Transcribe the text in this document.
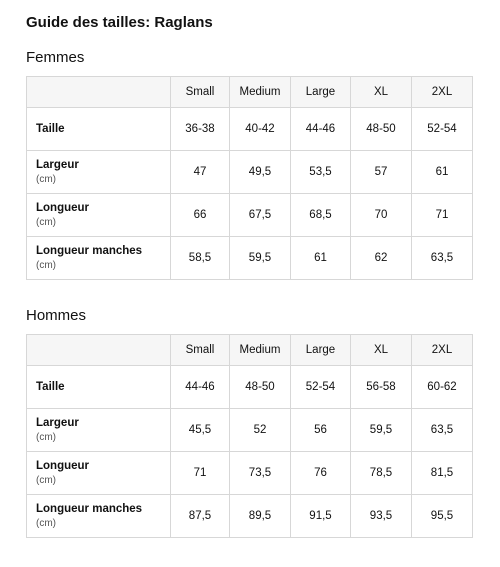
Guide des tailles: Raglans
Femmes
	Small	Medium	Large	XL	2XL

Taille	36-38	40-42	44-46	48-50	52-54

Largeur
(cm)	47	49,5	53,5	57	61

Longueur
(cm)	66	67,5	68,5	70	71

Longueur manches
(cm)	58,5	59,5	61	62	63,5
Hommes
	Small	Medium	Large	XL	2XL

Taille	44-46	48-50	52-54	56-58	60-62

Largeur
(cm)	45,5	52	56	59,5	63,5

Longueur
(cm)	71	73,5	76	78,5	81,5

Longueur manches
(cm)	87,5	89,5	91,5	93,5	95,5
